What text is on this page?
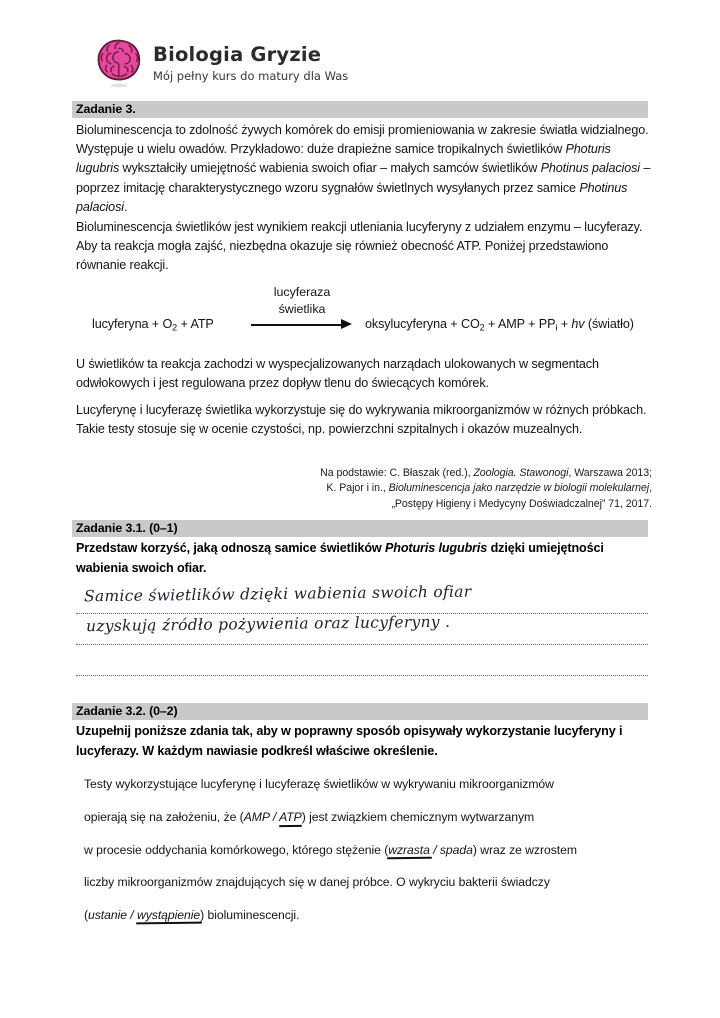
Biologia Gryzie
Mój pełny kurs do matury dla Was
Zadanie 3.
Bioluminescencja to zdolność żywych komórek do emisji promieniowania w zakresie światła widzialnego. Występuje u wielu owadów. Przykładowo: duże drapieżne samice tropikalnych świetlików Photuris lugubris wykształciły umiejętność wabienia swoich ofiar – małych samców świetlików Photinus palaciosi – poprzez imitację charakterystycznego wzoru sygnałów świetlnych wysyłanych przez samice Photinus palaciosi.
Bioluminescencja świetlików jest wynikiem reakcji utleniania lucyferyny z udziałem enzymu – lucyferazy. Aby ta reakcja mogła zajść, niezbędna okazuje się również obecność ATP. Poniżej przedstawiono równanie reakcji.
lucyferaza
świetlika
lucyferyna + $O_2$ + ATP	oksylucyferyna + $CO_2$ + AMP + $PP_i$ + hv (światło)
U świetlików ta reakcja zachodzi w wyspecjalizowanych narządach ulokowanych w segmentach odwłokowych i jest regulowana przez dopływ tlenu do świecących komórek.
Lucyferynę i lucyferazę świetlika wykorzystuje się do wykrywania mikroorganizmów w różnych próbkach. Takie testy stosuje się w ocenie czystości, np. powierzchni szpitalnych i okazów muzealnych.
Na podstawie: C. Błaszak (red.), Zoologia. Stawonogi, Warszawa 2013;
K. Pajor i in., Bioluminescencja jako narzędzie w biologii molekularnej,
„Postępy Higieny i Medycyny Doświadczalnej” 71, 2017.
Zadanie 3.1. (0–1)
Przedstaw korzyść, jaką odnoszą samice świetlików Photuris lugubris dzięki umiejętności wabienia swoich ofiar.
Samice świetlików dzięki wabienia swoich ofiar
uzyskują źródło pożywienia oraz lucyferyny .
Zadanie 3.2. (0–2)
Uzupełnij poniższe zdania tak, aby w poprawny sposób opisywały wykorzystanie lucyferyny i lucyferazy. W każdym nawiasie podkreśl właściwe określenie.
Testy wykorzystujące lucyferynę i lucyferazę świetlików w wykrywaniu mikroorganizmów
opierają się na założeniu, że (AMP / ATP) jest związkiem chemicznym wytwarzanym
w procesie oddychania komórkowego, którego stężenie (wzrasta / spada) wraz ze wzrostem
liczby mikroorganizmów znajdujących się w danej próbce. O wykryciu bakterii świadczy
(ustanie / wystąpienie) bioluminescencji.
